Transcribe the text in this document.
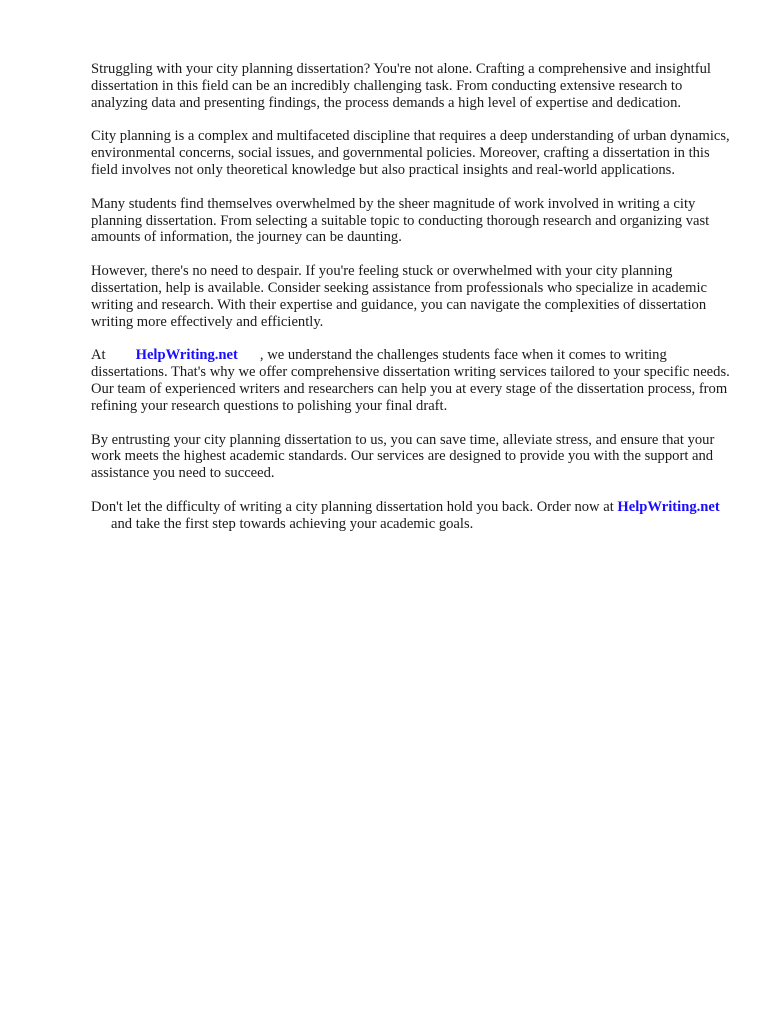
Struggling with your city planning dissertation? You're not alone. Crafting a comprehensive and insightful dissertation in this field can be an incredibly challenging task. From conducting extensive research to analyzing data and presenting findings, the process demands a high level of expertise and dedication.

City planning is a complex and multifaceted discipline that requires a deep understanding of urban dynamics, environmental concerns, social issues, and governmental policies. Moreover, crafting a dissertation in this field involves not only theoretical knowledge but also practical insights and real-world applications.

Many students find themselves overwhelmed by the sheer magnitude of work involved in writing a city planning dissertation. From selecting a suitable topic to conducting thorough research and organizing vast amounts of information, the journey can be daunting.

However, there's no need to despair. If you're feeling stuck or overwhelmed with your city planning dissertation, help is available. Consider seeking assistance from professionals who specialize in academic writing and research. With their expertise and guidance, you can navigate the complexities of dissertation writing more effectively and efficiently.

At HelpWriting.net , we understand the challenges students face when it comes to writing dissertations. That's why we offer comprehensive dissertation writing services tailored to your specific needs. Our team of experienced writers and researchers can help you at every stage of the dissertation process, from refining your research questions to polishing your final draft.

By entrusting your city planning dissertation to us, you can save time, alleviate stress, and ensure that your work meets the highest academic standards. Our services are designed to provide you with the support and assistance you need to succeed.

Don't let the difficulty of writing a city planning dissertation hold you back. Order now at HelpWriting.netand take the first step towards achieving your academic goals.
